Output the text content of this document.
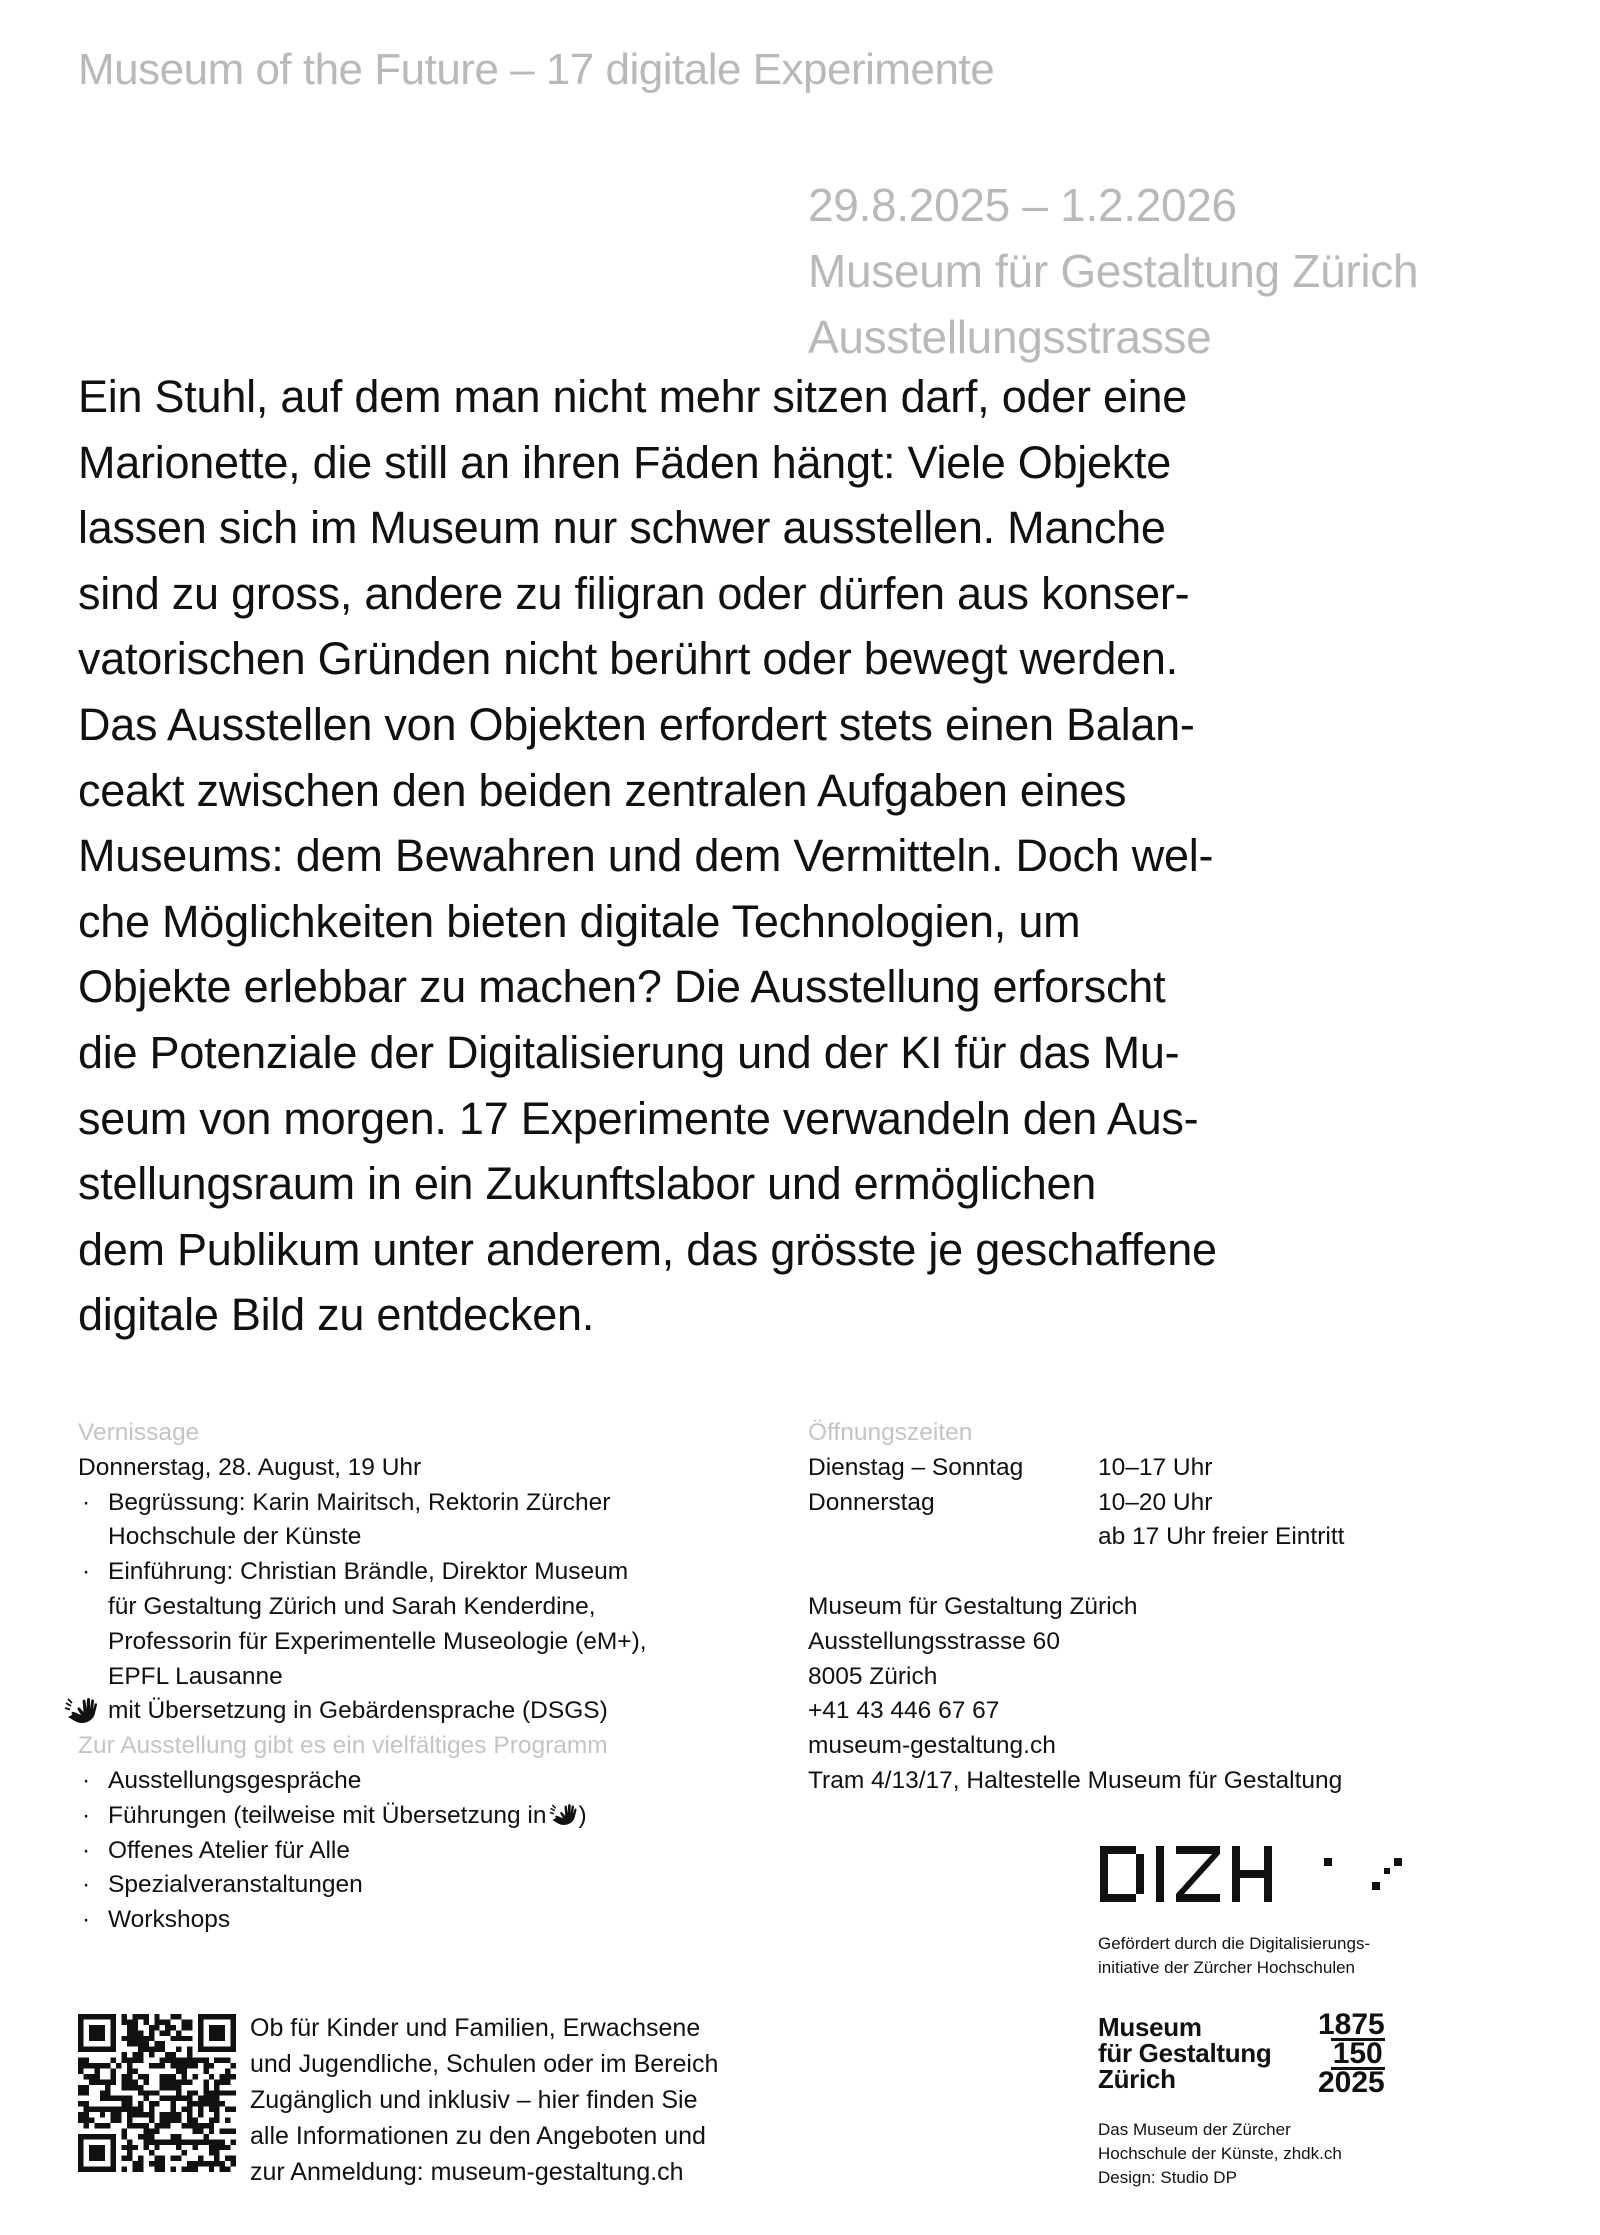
Museum of the Future – 17 digitale Experimente
29.8.2025 – 1.2.2026
Museum für Gestaltung Zürich
Ausstellungsstrasse
Ein Stuhl, auf dem man nicht mehr sitzen darf, oder eine
Marionette, die still an ihren Fäden hängt: Viele Objekte
lassen sich im Museum nur schwer ausstellen. Manche
sind zu gross, andere zu filigran oder dürfen aus konser-
vatorischen Gründen nicht berührt oder bewegt werden.
Das Ausstellen von Objekten erfordert stets einen Balan-
ceakt zwischen den beiden zentralen Aufgaben eines
Museums: dem Bewahren und dem Vermitteln. Doch wel-
che Möglichkeiten bieten digitale Technologien, um
Objekte erlebbar zu machen? Die Ausstellung erforscht
die Potenziale der Digitalisierung und der KI für das Mu-
seum von morgen. 17 Experimente verwandeln den Aus-
stellungsraum in ein Zukunftslabor und ermöglichen
dem Publikum unter anderem, das grösste je geschaffene
digitale Bild zu entdecken.
Vernissage
Donnerstag, 28. August, 19 Uhr
· Begrüssung: Karin Mairitsch, Rektorin Zürcher
Hochschule der Künste
· Einführung: Christian Brändle, Direktor Museum
für Gestaltung Zürich und Sarah Kenderdine,
Professorin für Experimentelle Museologie (eM+),
EPFL Lausanne
mit Übersetzung in Gebärdensprache (DSGS)
Zur Ausstellung gibt es ein vielfältiges Programm
· Ausstellungsgespräche
· Führungen (teilweise mit Übersetzung in )
· Offenes Atelier für Alle
· Spezialveranstaltungen
· Workshops
Öffnungszeiten
Dienstag – Sonntag	10–17 Uhr
Donnerstag	10–20 Uhr
	ab 17 Uhr freier Eintritt
Museum für Gestaltung Zürich
Ausstellungsstrasse 60
8005 Zürich
+41 43 446 67 67
museum-gestaltung.ch
Tram 4/13/17, Haltestelle Museum für Gestaltung
Gefördert durch die Digitalisierungs-
initiative der Zürcher Hochschulen
Museum
für Gestaltung
Zürich
1875
150
2025
Das Museum der Zürcher
Hochschule der Künste, zhdk.ch
Design: Studio DP
Ob für Kinder und Familien, Erwachsene
und Jugendliche, Schulen oder im Bereich
Zugänglich und inklusiv – hier finden Sie
alle Informationen zu den Angeboten und
zur Anmeldung: museum-gestaltung.ch
